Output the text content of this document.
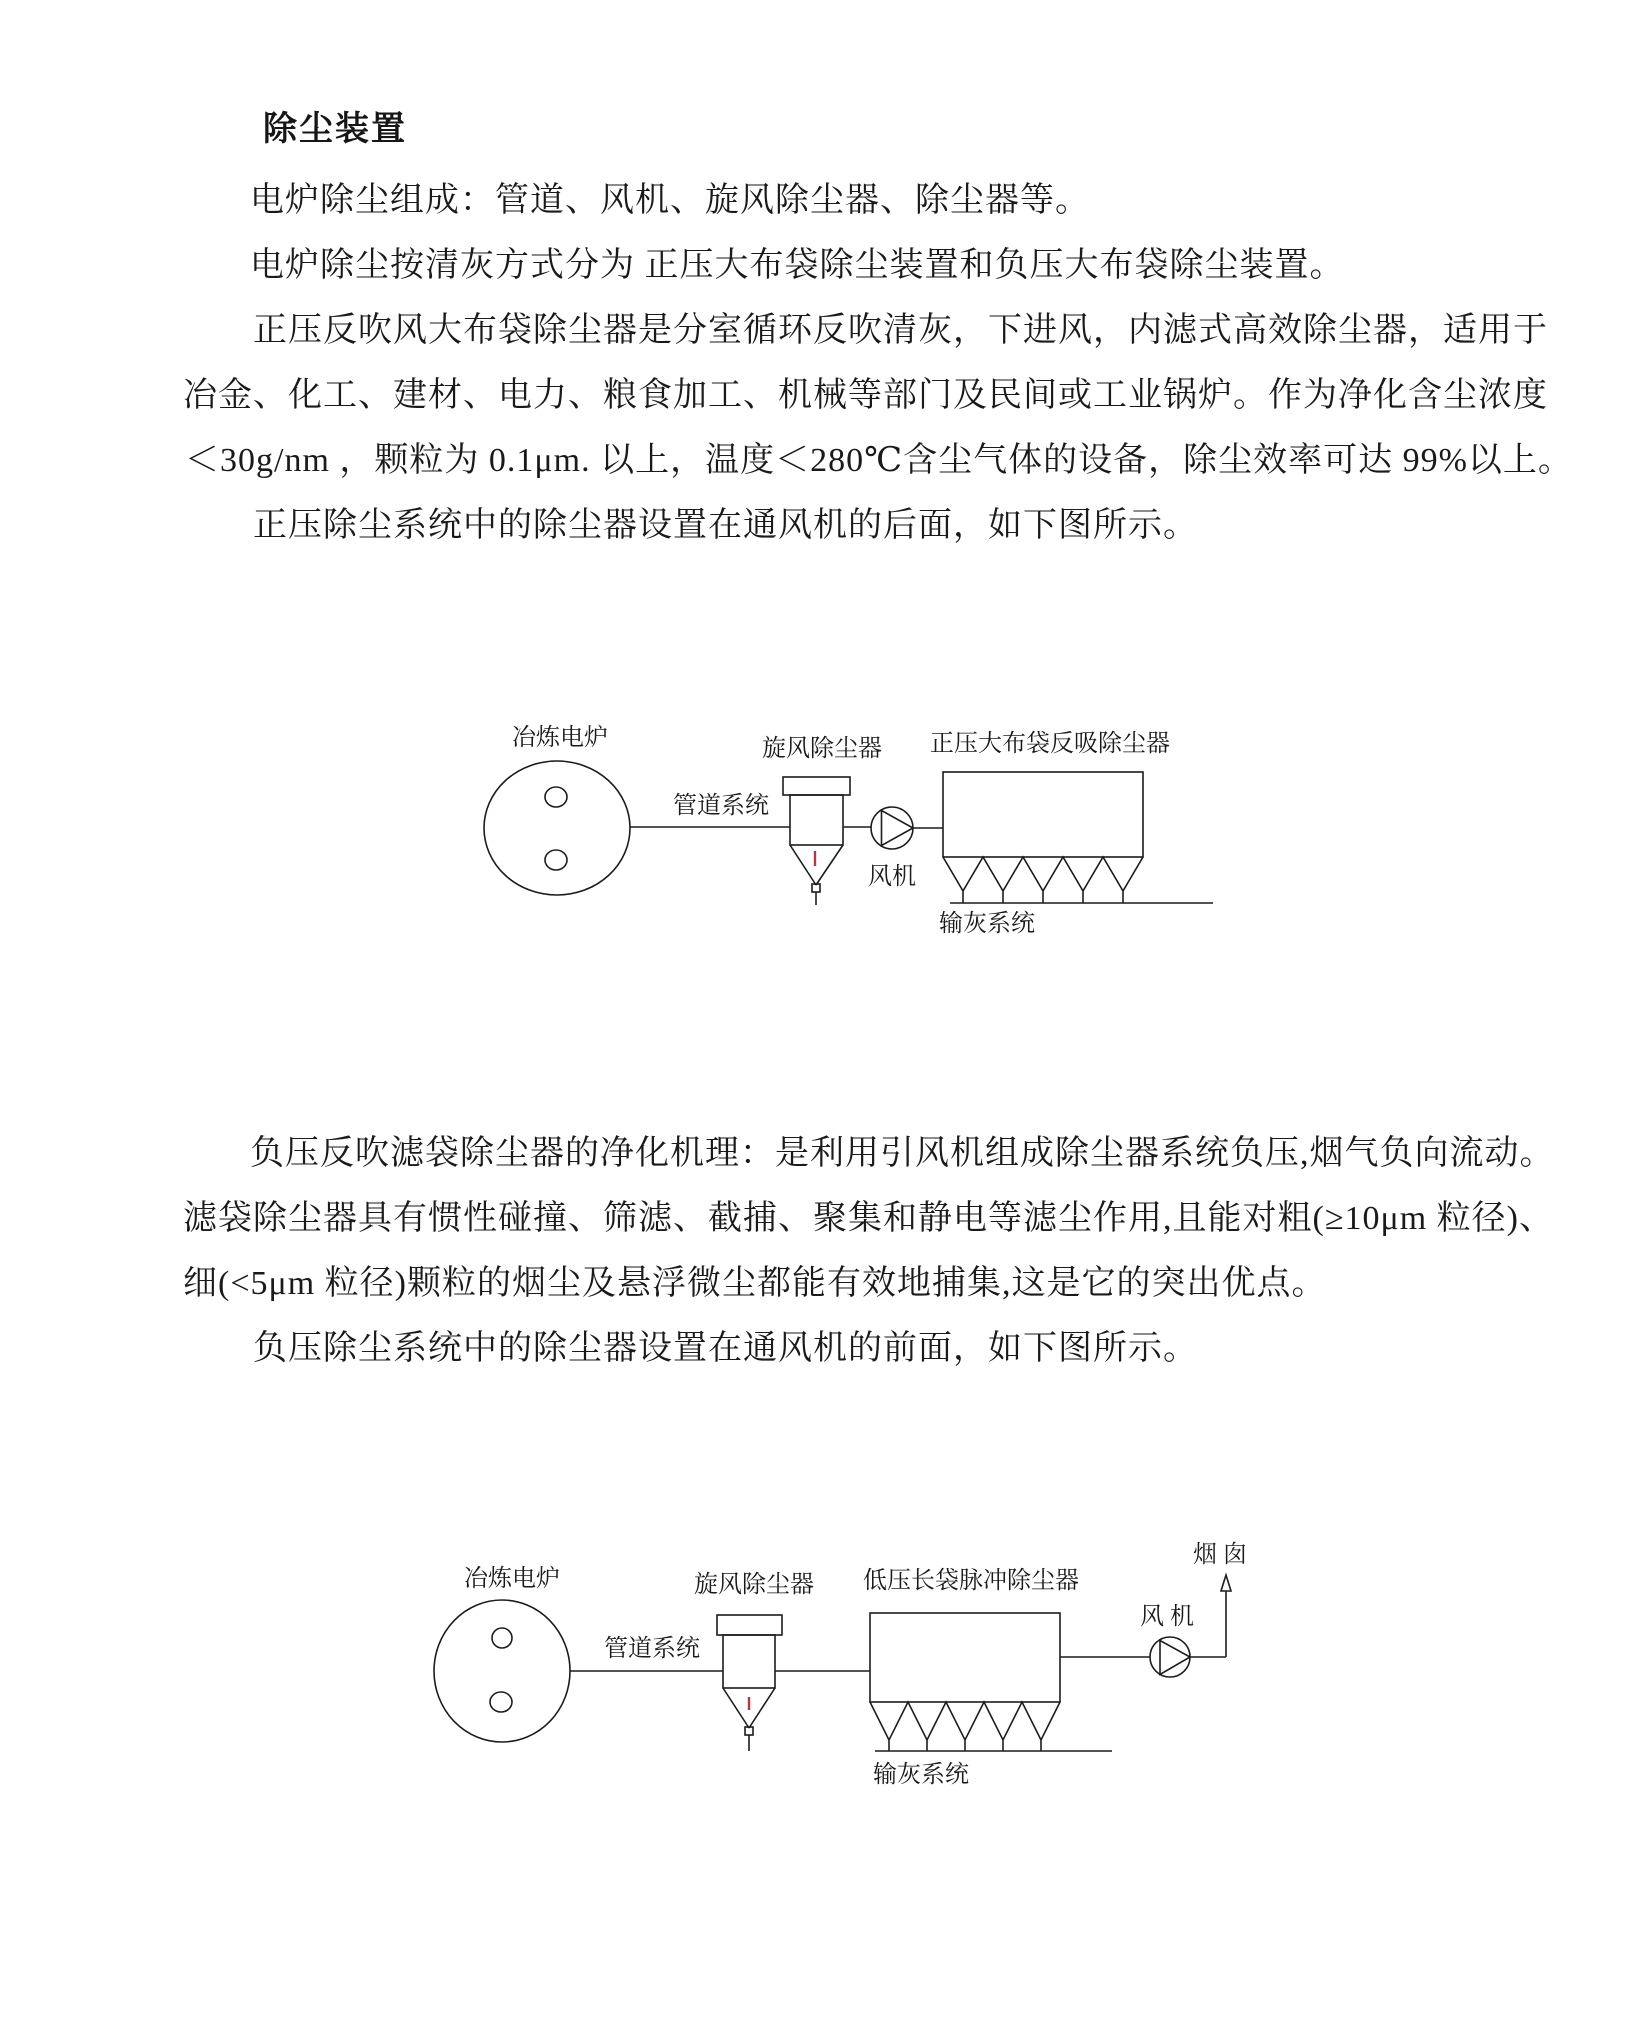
除尘装置
电炉除尘组成：管道、风机、旋风除尘器、除尘器等。
电炉除尘按清灰方式分为 正压大布袋除尘装置和负压大布袋除尘装置。
正压反吹风大布袋除尘器是分室循环反吹清灰，下进风，内滤式高效除尘器，适用于
冶金、化工、建材、电力、粮食加工、机械等部门及民间或工业锅炉。作为净化含尘浓度
＜30g/nm ，颗粒为 0.1μm. 以上，温度＜280℃含尘气体的设备，除尘效率可达 99%以上。
正压除尘系统中的除尘器设置在通风机的后面，如下图所示。
负压反吹滤袋除尘器的净化机理：是利用引风机组成除尘器系统负压,烟气负向流动。
滤袋除尘器具有惯性碰撞、筛滤、截捕、聚集和静电等滤尘作用,且能对粗(≥10μm 粒径)、
细(<5μm 粒径)颗粒的烟尘及悬浮微尘都能有效地捕集,这是它的突出优点。
负压除尘系统中的除尘器设置在通风机的前面，如下图所示。
冶炼电炉
管道系统
旋风除尘器
风机
正压大布袋反吸除尘器
输灰系统
冶炼电炉
管道系统
旋风除尘器 低压长袋脉冲除尘器
风 机
烟 囱
输灰系统
